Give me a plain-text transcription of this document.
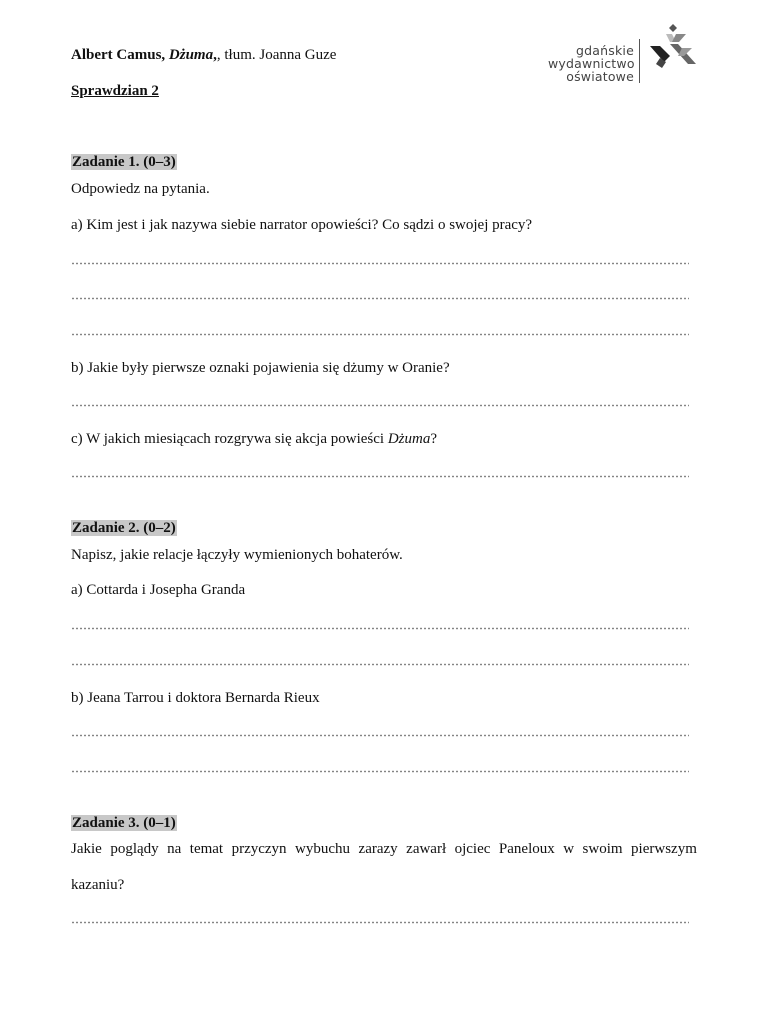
Albert Camus, Dżuma,, tłum. Joanna Guze
Sprawdzian 2
gdańskie
wydawnictwo
oświatowe
Zadanie 1. (0–3)
Odpowiedz na pytania.
a) Kim jest i jak nazywa siebie narrator opowieści? Co sądzi o swojej pracy?
b) Jakie były pierwsze oznaki pojawienia się dżumy w Oranie?
c) W jakich miesiącach rozgrywa się akcja powieści Dżuma?
Zadanie 2. (0–2)
Napisz, jakie relacje łączyły wymienionych bohaterów.
a) Cottarda i Josepha Granda
b) Jeana Tarrou i doktora Bernarda Rieux
Zadanie 3. (0–1)
Jakie poglądy na temat przyczyn wybuchu zarazy zawarł ojciec Paneloux w swoim pierwszym
kazaniu?
